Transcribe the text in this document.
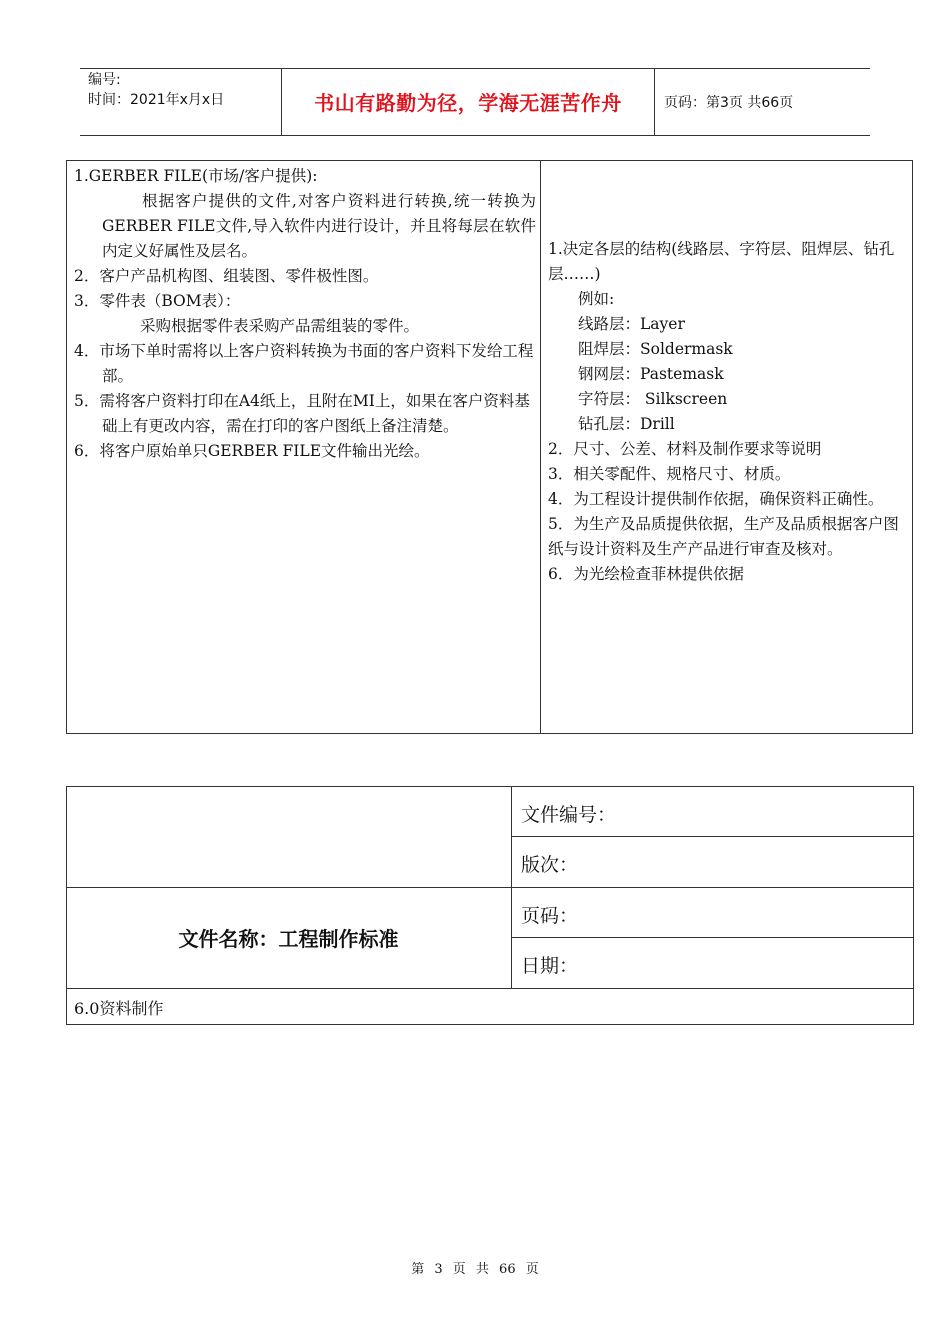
编号:
时间：2021年x月x日	书山有路勤为径，学海无涯苦作舟	页码：第3页 共66页
1.GERBER FILE(市场/客户提供):
根据客户提供的文件,对客户资料进行转换,统一转换为GERBER FILE文件,导入软件内进行设计，并且将每层在软件内定义好属性及层名。
2．客户产品机构图、组装图、零件极性图。
3．零件表（BOM表）：
采购根据零件表采购产品需组装的零件。
4．市场下单时需将以上客户资料转换为书面的客户资料下发给工程部。
5．需将客户资料打印在A4纸上，且附在MI上，如果在客户资料基础上有更改内容，需在打印的客户图纸上备注清楚。
6．将客户原始单只GERBER FILE文件输出光绘。
1.决定各层的结构(线路层、字符层、阻焊层、钻孔层……)
例如:
线路层：Layer
阻焊层：Soldermask
钢网层：Pastemask
字符层： Silkscreen
钻孔层：Drill
2．尺寸、公差、材料及制作要求等说明
3．相关零配件、规格尺寸、材质。
4．为工程设计提供制作依据，确保资料正确性。
5．为生产及品质提供依据，生产及品质根据客户图纸与设计资料及生产产品进行审查及核对。
6．为光绘检查菲林提供依据
文件编号：
版次：
页码：
日期：
文件名称：工程制作标准
6.0资料制作
第 3 页 共 66 页
